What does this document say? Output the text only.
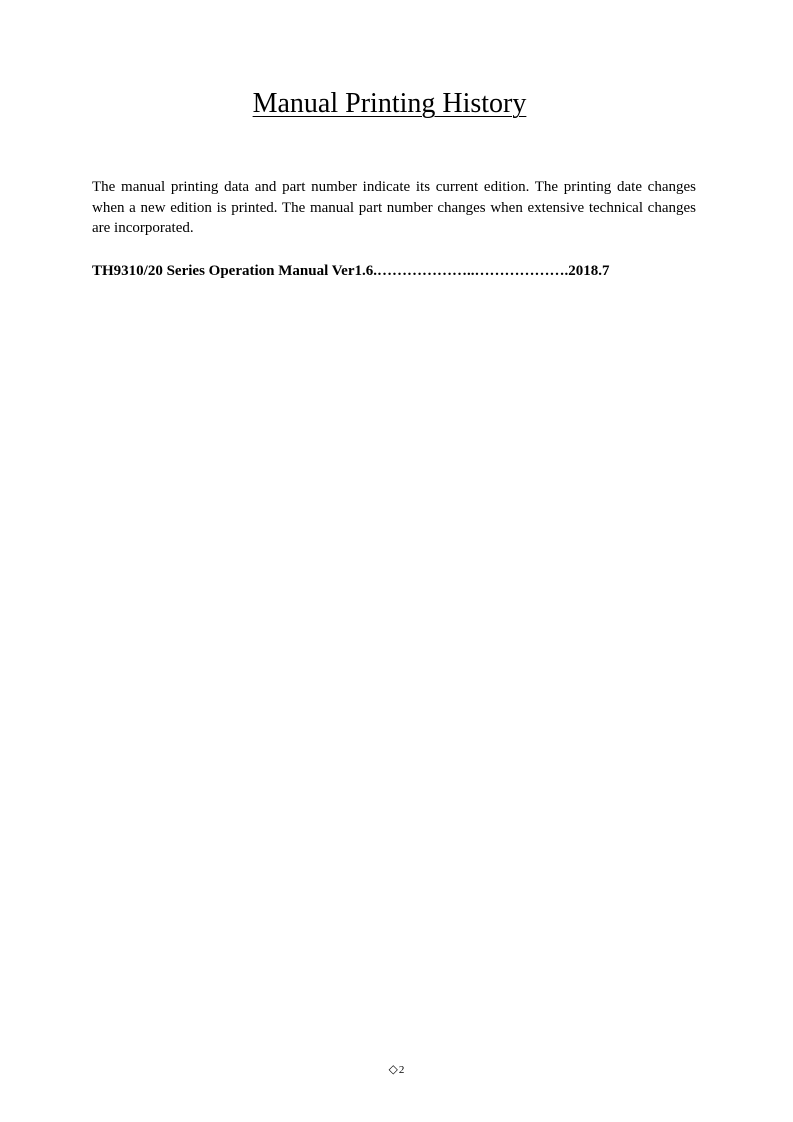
Manual Printing History

The manual printing data and part number indicate its current edition. The printing date changes when a new edition is printed. The manual part number changes when extensive technical changes are incorporated.

TH9310/20 Series Operation Manual Ver1.6.………………..……………….2018.7

◇2
